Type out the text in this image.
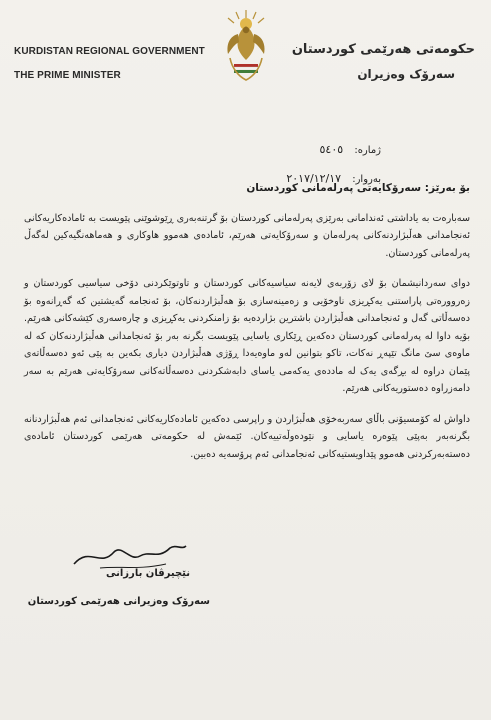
KURDISTAN REGIONAL GOVERNMENT
THE PRIME MINISTER
حکومەتی هەرێمی کوردستان
سەرۆک وەزیران
ژمارە: ٥٤٠٥
بەروار: ٢٠١٧/١٢/١٧
بۆ بەرێز: سەرۆکایەتی پەرلەمانی کوردستان

سەبارەت بە یاداشتی ئەندامانی بەرێزی پەرلەمانی کوردستان بۆ گرتنەبەری ڕێوشوێنی پێویست بە ئامادەکاریەکانی ئەنجامدانی هەڵبژاردنەکانی پەرلەمان و سەرۆکایەتی هەرێم، ئامادەی هەموو هاوکاری و هەماهەنگیەکین لەگەڵ پەرلەمانی کوردستان.

دوای سەردانیشمان بۆ لای زۆربەی لایەنە سیاسیەکانی کوردستان و تاوتوێکردنی دۆخی سیاسیی کوردستان و زەروورەتی پاراستنی یەکڕیزی ناوخۆیی و زەمینەسازی بۆ هەڵبژاردنەکان، بۆ ئەنجامە گەیشتین کە گەڕانەوە بۆ دەسەڵاتی گەل و ئەنجامدانی هەڵبژاردن باشترین بژاردەیە بۆ زامنکردنی یەکڕیزی و چارەسەری کێشەکانی هەرێم. بۆیە داوا لە پەرلەمانی کوردستان دەکەین ڕێکاری یاسایی پێویست بگرنە بەر بۆ ئەنجامدانی هەڵبژاردنەکان کە لە ماوەی سێ مانگ تێپەڕ نەکات، تاکو بتوانین لەو ماوەیەدا ڕۆژی هەڵبژاردن دیاری بکەین بە پێی ئەو دەسەڵاتەی پێمان دراوە لە بڕگەی یەک لە ماددەی یەکەمی یاسای دابەشکردنی دەسەڵاتەکانی سەرۆکایەتی هەرێم بە سەر دامەزراوە دەستوریەکانی هەرێم.

داواش لە کۆمسیۆنی باڵای سەربەخۆی هەڵبژاردن و راپرسی دەکەین ئامادەکاریەکانی ئەنجامدانی ئەم هەڵبژاردنانە بگرنەبەر بەپێی پێوەرە یاسایی و نێودەوڵەتییەکان. ئێمەش لە حکومەتی هەرێمی کوردستان ئامادەی دەستەبەرکردنی هەموو پێداویستیەکانی ئەنجامدانی ئەم پرۆسەیە دەبین.

نێچیرڤان بارزانی
سەرۆک وەزیرانی هەرێمی کوردستان
